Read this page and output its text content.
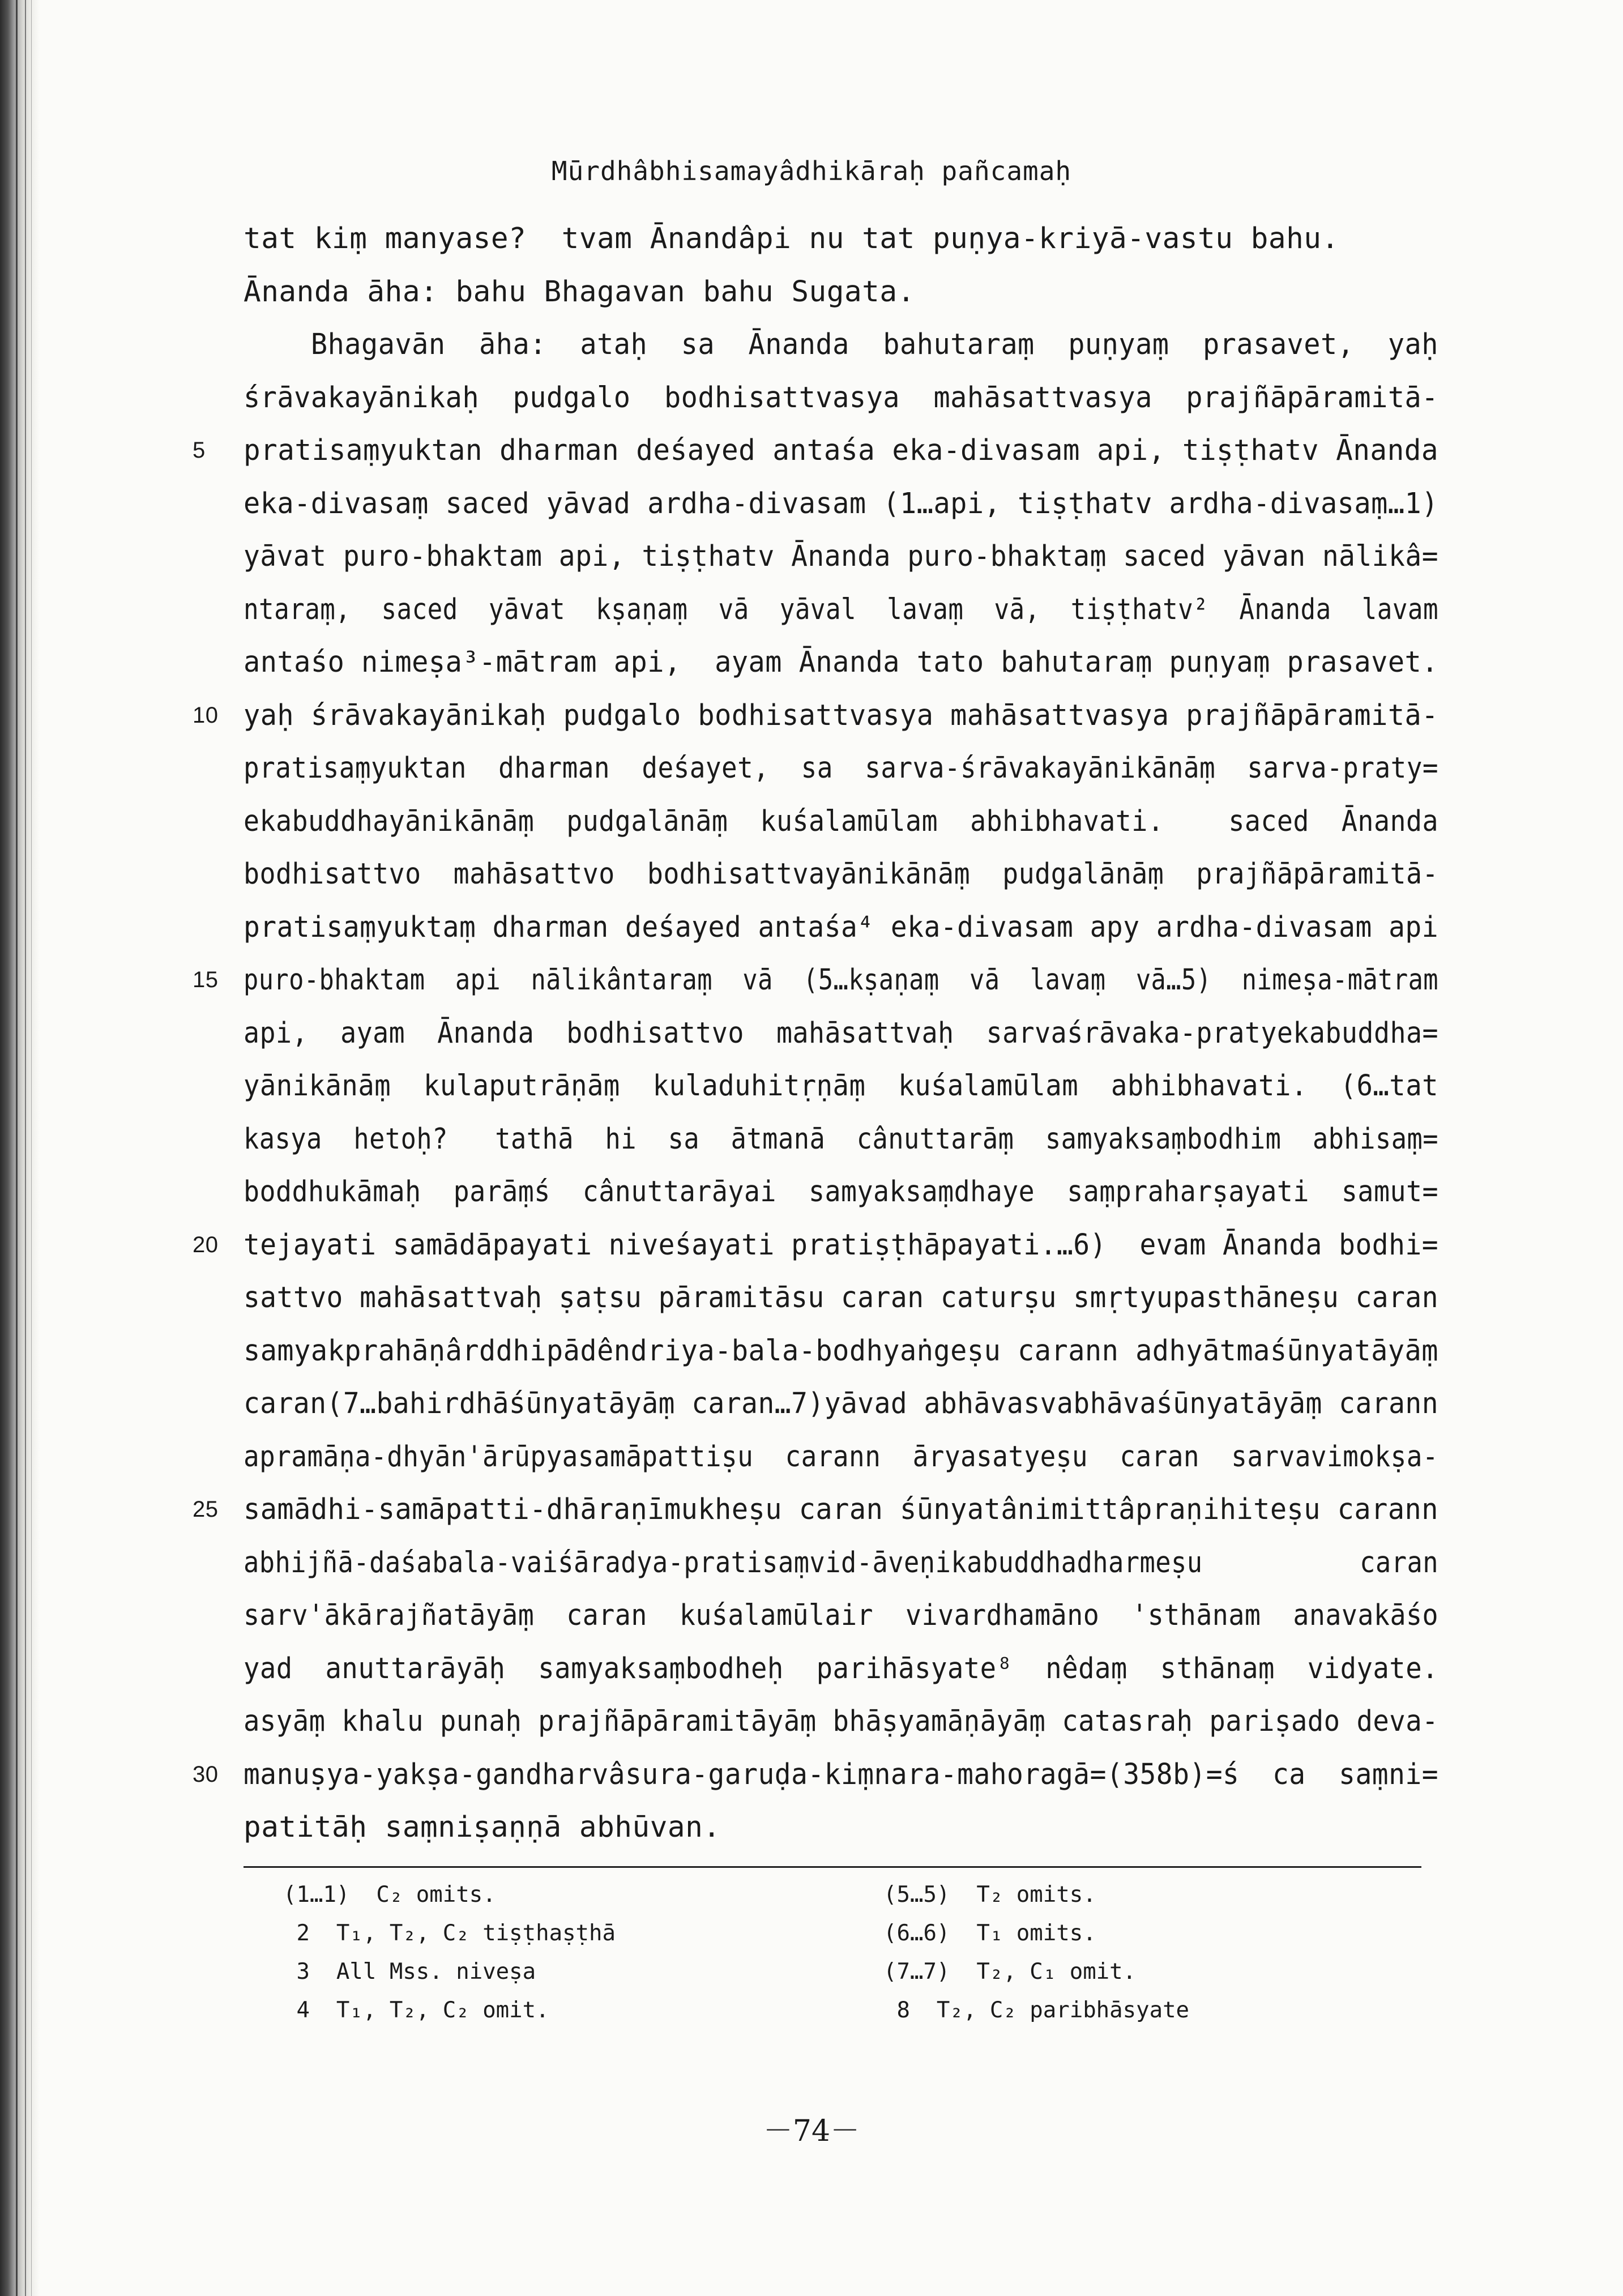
Mūrdhâbhisamayâdhikāraḥ pañcamaḥ
tat kiṃ manyase?  tvam Ānandâpi nu tat puṇya-kriyā-vastu bahu.
Ānanda āha: bahu Bhagavan bahu Sugata.
Bhagavān  āha:  ataḥ  sa  Ānanda  bahutaraṃ  puṇyaṃ  prasavet,  yaḥ
śrāvakayānikaḥ  pudgalo  bodhisattvasya  mahāsattvasya  prajñāpāramitā-
5	pratisaṃyuktan dharman deśayed antaśa eka-divasam api, tiṣṭhatv Ānanda
eka-divasaṃ saced yāvad ardha-divasam (1…api, tiṣṭhatv ardha-divasaṃ…1)
yāvat puro-bhaktam api, tiṣṭhatv Ānanda puro-bhaktaṃ saced yāvan nālikâ=
ntaraṃ,  saced  yāvat  kṣaṇaṃ  vā  yāval  lavaṃ  vā,  tiṣṭhatv²  Ānanda  lavam
antaśo nimeṣa³-mātram api,  ayam Ānanda tato bahutaraṃ puṇyaṃ prasavet.
10 yaḥ śrāvakayānikaḥ pudgalo bodhisattvasya mahāsattvasya prajñāpāramitā-
pratisaṃyuktan  dharman  deśayet,  sa  sarva-śrāvakayānikānāṃ  sarva-praty=
ekabuddhayānikānāṃ  pudgalānāṃ  kuśalamūlam  abhibhavati.    saced  Ānanda
bodhisattvo  mahāsattvo  bodhisattvayānikānāṃ  pudgalānāṃ  prajñāpāramitā-
pratisaṃyuktaṃ dharman deśayed antaśa⁴ eka-divasam apy ardha-divasam api
15 puro-bhaktam  api  nālikântaraṃ  vā  (5…kṣaṇaṃ  vā  lavaṃ  vā…5)  nimeṣa-mātram
api,  ayam  Ānanda  bodhisattvo  mahāsattvaḥ  sarvaśrāvaka-pratyekabuddha=
yānikānāṃ  kulaputrāṇāṃ  kuladuhitṛṇāṃ  kuśalamūlam  abhibhavati.  (6…tat
kasya  hetoḥ?   tathā  hi  sa  ātmanā  cânuttarāṃ  samyaksaṃbodhim  abhisaṃ=
boddhukāmaḥ  parāṃś  cânuttarāyai  samyaksaṃdhaye  saṃpraharṣayati  samut=
20 tejayati samādāpayati niveśayati pratiṣṭhāpayati.…6)  evam Ānanda bodhi=
sattvo mahāsattvaḥ ṣaṭsu pāramitāsu caran caturṣu smṛtyupasthāneṣu caran
samyakprahāṇârddhipādêndriya-bala-bodhyaṅgeṣu carann adhyātmaśūnyatāyāṃ
caran(7…bahirdhāśūnyatāyāṃ caran…7)yāvad abhāvasvabhāvaśūnyatāyāṃ carann
apramāṇa-dhyān'ārūpyasamāpattiṣu  carann  āryasatyeṣu  caran  sarvavimokṣa-
25 samādhi-samāpatti-dhāraṇīmukheṣu caran śūnyatânimittâpraṇihiteṣu carann
abhijñā-daśabala-vaiśāradya-pratisaṃvid-āveṇikabuddhadharmeṣu          caran
sarv'ākārajñatāyāṃ  caran  kuśalamūlair  vivardhamāno  'sthānam  anavakāśo
yad  anuttarāyāḥ  samyaksaṃbodheḥ  parihāsyate⁸  nêdaṃ  sthānaṃ  vidyate.
asyāṃ khalu punaḥ prajñāpāramitāyāṃ bhāṣyamāṇāyāṃ catasraḥ pariṣado deva-
30 manuṣya-yakṣa-gandharvâsura-garuḍa-kiṃnara-mahoragā=(358b)=ś  ca  saṃni=
patitāḥ saṃniṣaṇṇā abhūvan.
(1…1)  C₂ omits.
2  T₁, T₂, C₂ tiṣṭhaṣṭhā
3  All Mss. niveṣa
4  T₁, T₂, C₂ omit.
(5…5)  T₂ omits.
(6…6)  T₁ omits.
(7…7)  T₂, C₁ omit.
8  T₂, C₂ paribhāsyate
－74－
